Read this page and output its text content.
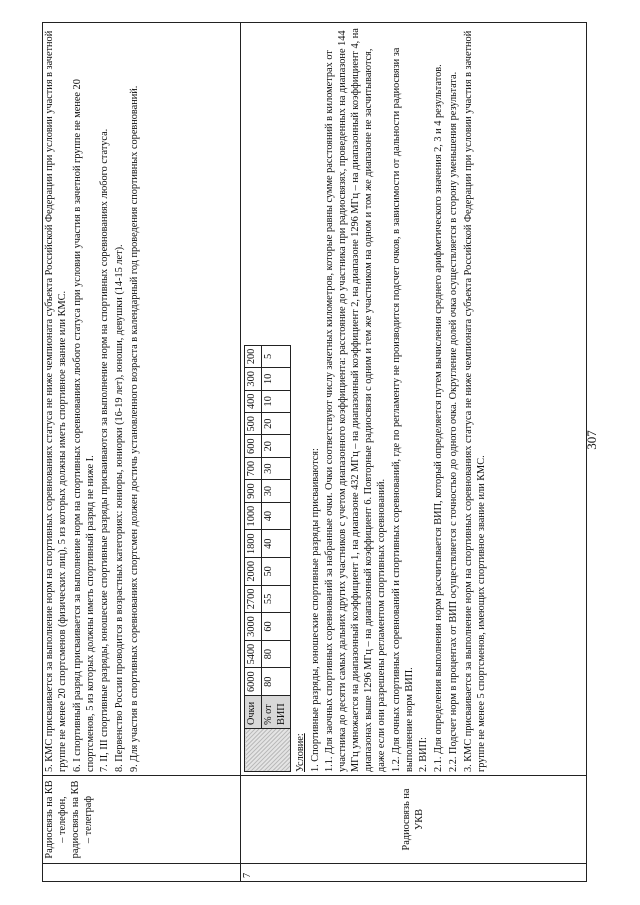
307

Радиосвязь на КВ – телефон, радиосвязь на КВ – телеграф

5. КМС присваивается за выполнение норм на спортивных соревнованиях статуса не ниже чемпионата субъекта Российской Федерации при условии участия в зачетной группе не менее 20 спортсменов (физических лиц), 5 из которых должны иметь спортивное звание или КМС. 6. I спортивный разряд присваивается за выполнение норм на спортивных соревнованиях любого статуса при условии участия в зачетной группе не менее 20 спортсменов, 5 из которых должны иметь спортивный разряд не ниже I. 7. II, III спортивные разряды, юношеские спортивные разряды присваиваются за выполнение норм на спортивных соревнованиях любого статуса. 8. Первенство России проводится в возрастных категориях: юниоры, юниорки (16-19 лет), юноши, девушки (14-15 лет). 9. Для участия в спортивных соревнованиях спортсмен должен достичь установленного возраста в календарный год проведения спортивных соревнований.

7	
Радиосвязь на УКВ

	Очки	6000	5400	3000	2700	2000	1800	1000	900	700	600	500	400	300	200
% от ВИП	80	80	60	55	50	40	40	30	30	20	20	10	10	5
Условие: 1. Спортивные разряды, юношеские спортивные разряды присваиваются: 1.1. Для заочных спортивных соревнований за набранные очки. Очки соответствуют числу зачетных километров, которые равны сумме расстояний в километрах от участника до десяти самых дальних других участников с учетом диапазонного коэффициента: расстояние до участника при радиосвязях, проведенных на диапазоне 144 МГц умножается на диапазонный коэффициент 1, на диапазоне 432 МГц – на диапазонный коэффициент 2, на диапазоне 1296 МГц – на диапазонный коэффициент 4, на диапазонах выше 1296 МГц – на диапазонный коэффициент 6. Повторные радиосвязи с одним и тем же участником на одном и том же диапазоне не засчитываются, даже если они разрешены регламентом спортивных соревнований. 1.2. Для очных спортивных соревнований и спортивных соревнований, где по регламенту не производится подсчет очков, в зависимости от дальности радиосвязи за выполнение норм ВИП. 2. ВИП: 2.1. Для определения выполнения норм рассчитывается ВИП, который определяется путем вычисления среднего арифметического значения 2, 3 и 4 результатов. 2.2. Подсчет норм в процентах от ВИП осуществляется с точностью до одного очка. Округление долей очка осуществляется в сторону уменьшения результата. 3. КМС присваивается за выполнение норм на спортивных соревнованиях статуса не ниже чемпионата субъекта Российской Федерации при условии участия в зачетной группе не менее 5 спортсменов, имеющих спортивное звание или КМС.
